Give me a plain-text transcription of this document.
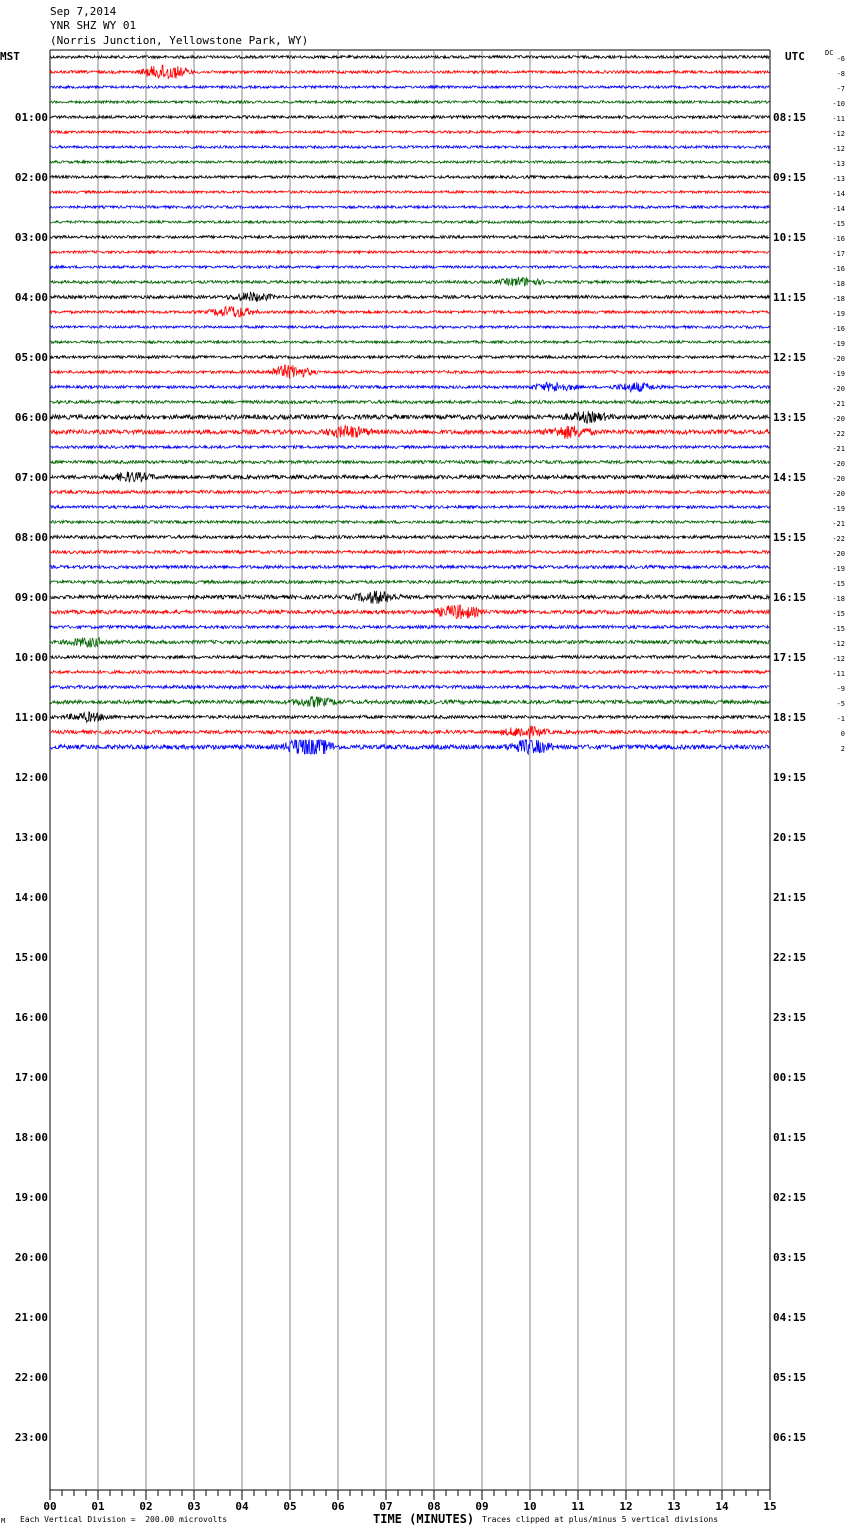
Sep 7,2014
YNR SHZ WY 01
(Norris Junction, Yellowstone Park, WY)
MST	UTC	DC
00	01	02	03	04	05	06	07	08	09	10	11	12	13	14	15
01:00
02:00
03:00
04:00
05:00
06:00
07:00
08:00
09:00
10:00
11:00
12:00
13:00
14:00
15:00
16:00
17:00
18:00
19:00
20:00
21:00
22:00
23:00
08:15
09:15
10:15
11:15
12:15
13:15
14:15
15:15
16:15
17:15
18:15
19:15
20:15
21:15
22:15
23:15
00:15
01:15
02:15
03:15
04:15
05:15
06:15
-6
-8
-7
-10
-11
-12
-12
-13
-13
-14
-14
-15
-16
-17
-16
-18
-18
-19
-16
-19
-20
-19
-20
-21
-20
-22
-21
-20
-20
-20
-19
-21
-22
-20
-19
-15
-18
-15
-15
-12
-12
-11
-9
-5
-1
0
2
M Each Vertical Division =  200.00 microvolts	TIME (MINUTES) Traces clipped at plus/minus 5 vertical divisions
